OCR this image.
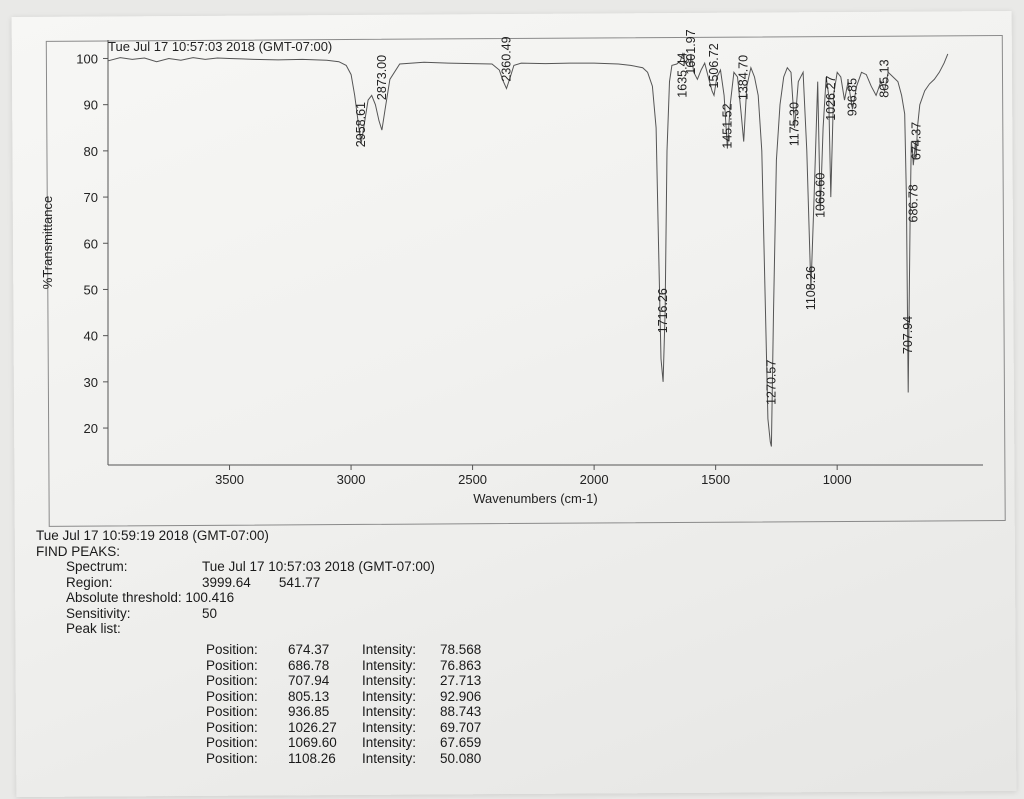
100
90
80
70
60
50
40
30
20
3500	3000	2500	2000	1500	1000
Wavenumbers (cm-1)
%Transmittance
Tue Jul 17 10:57:03 2018 (GMT-07:00)
2958.61
2873.00	2360.49
1716.26
1635.44
1601.97 1506.72
1451.52
1384.70
1270.57
1175.30
1108.26
1069.60
1026.27 936.85 805.13
707.94
686.78
674.37
Tue Jul 17 10:59:19 2018 (GMT-07:00)
FIND PEAKS:
Spectrum:	Tue Jul 17 10:57:03 2018 (GMT-07:00)
Region:	3999.64 541.77
Absolute threshold:
100.416
Sensitivity:	50
Peak list:
Position:	674.37	Intensity:	78.568
Position:	686.78	Intensity:	76.863
Position:	707.94	Intensity:	27.713
Position:	805.13	Intensity:	92.906
Position:	936.85	Intensity:	88.743
Position:	1026.27	Intensity:	69.707
Position:	1069.60	Intensity:	67.659
Position:	1108.26	Intensity:	50.080
